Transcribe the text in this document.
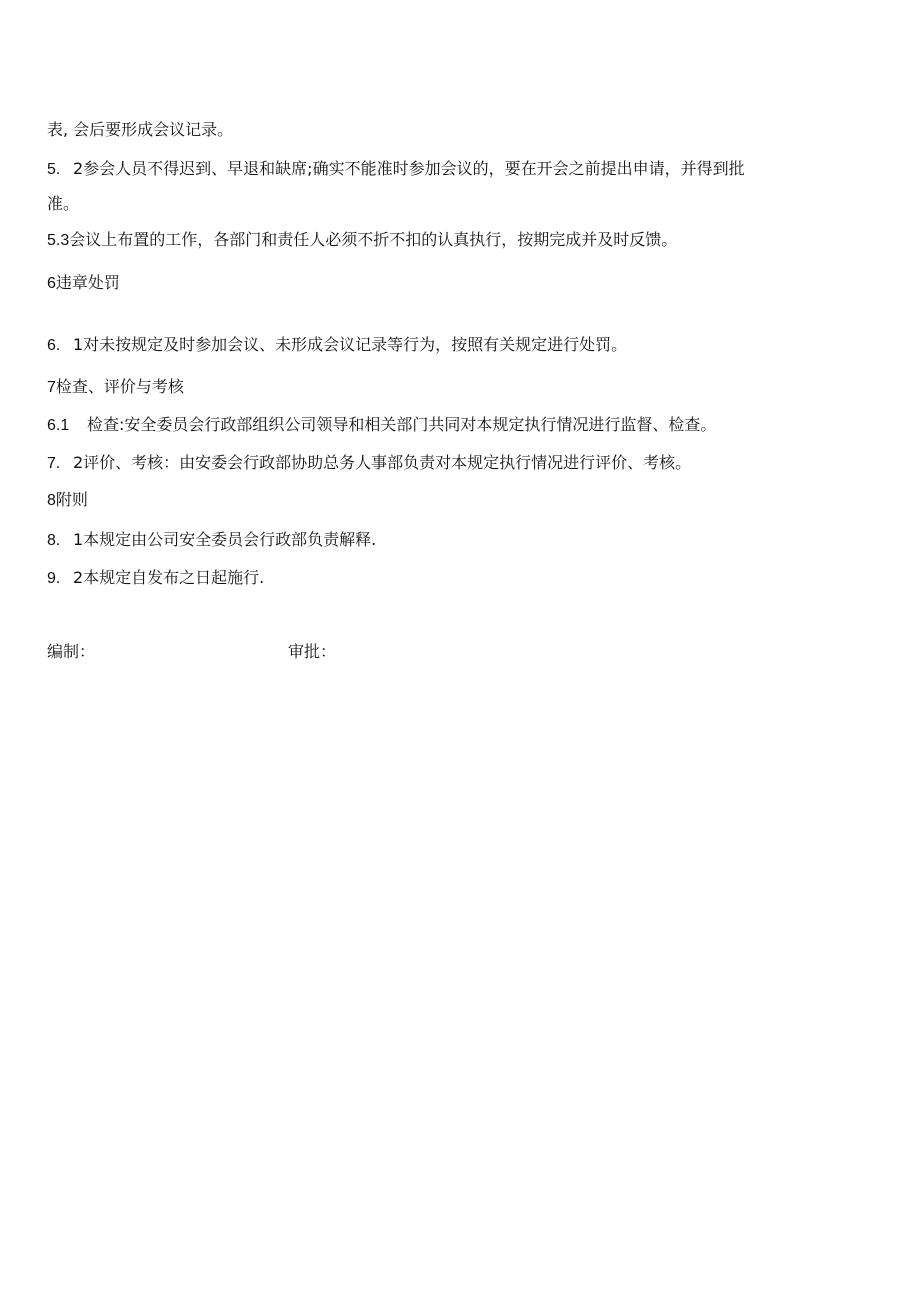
表, 会后要形成会议记录。
5. 2参会人员不得迟到、早退和缺席;确实不能准时参加会议的，要在开会之前提出申请，并得到批
准。
5.3会议上布置的工作，各部门和责任人必须不折不扣的认真执行，按期完成并及时反馈。
6违章处罚
6. 1对未按规定及时参加会议、未形成会议记录等行为，按照有关规定进行处罚。
7检查、评价与考核
6.1 检查:安全委员会行政部组织公司领导和相关部门共同对本规定执行情况进行监督、检查。
7. 2评价、考核：由安委会行政部协助总务人事部负责对本规定执行情况进行评价、考核。
8附则
8. 1本规定由公司安全委员会行政部负责解释.
9. 2本规定自发布之日起施行.
编制：	审批：
